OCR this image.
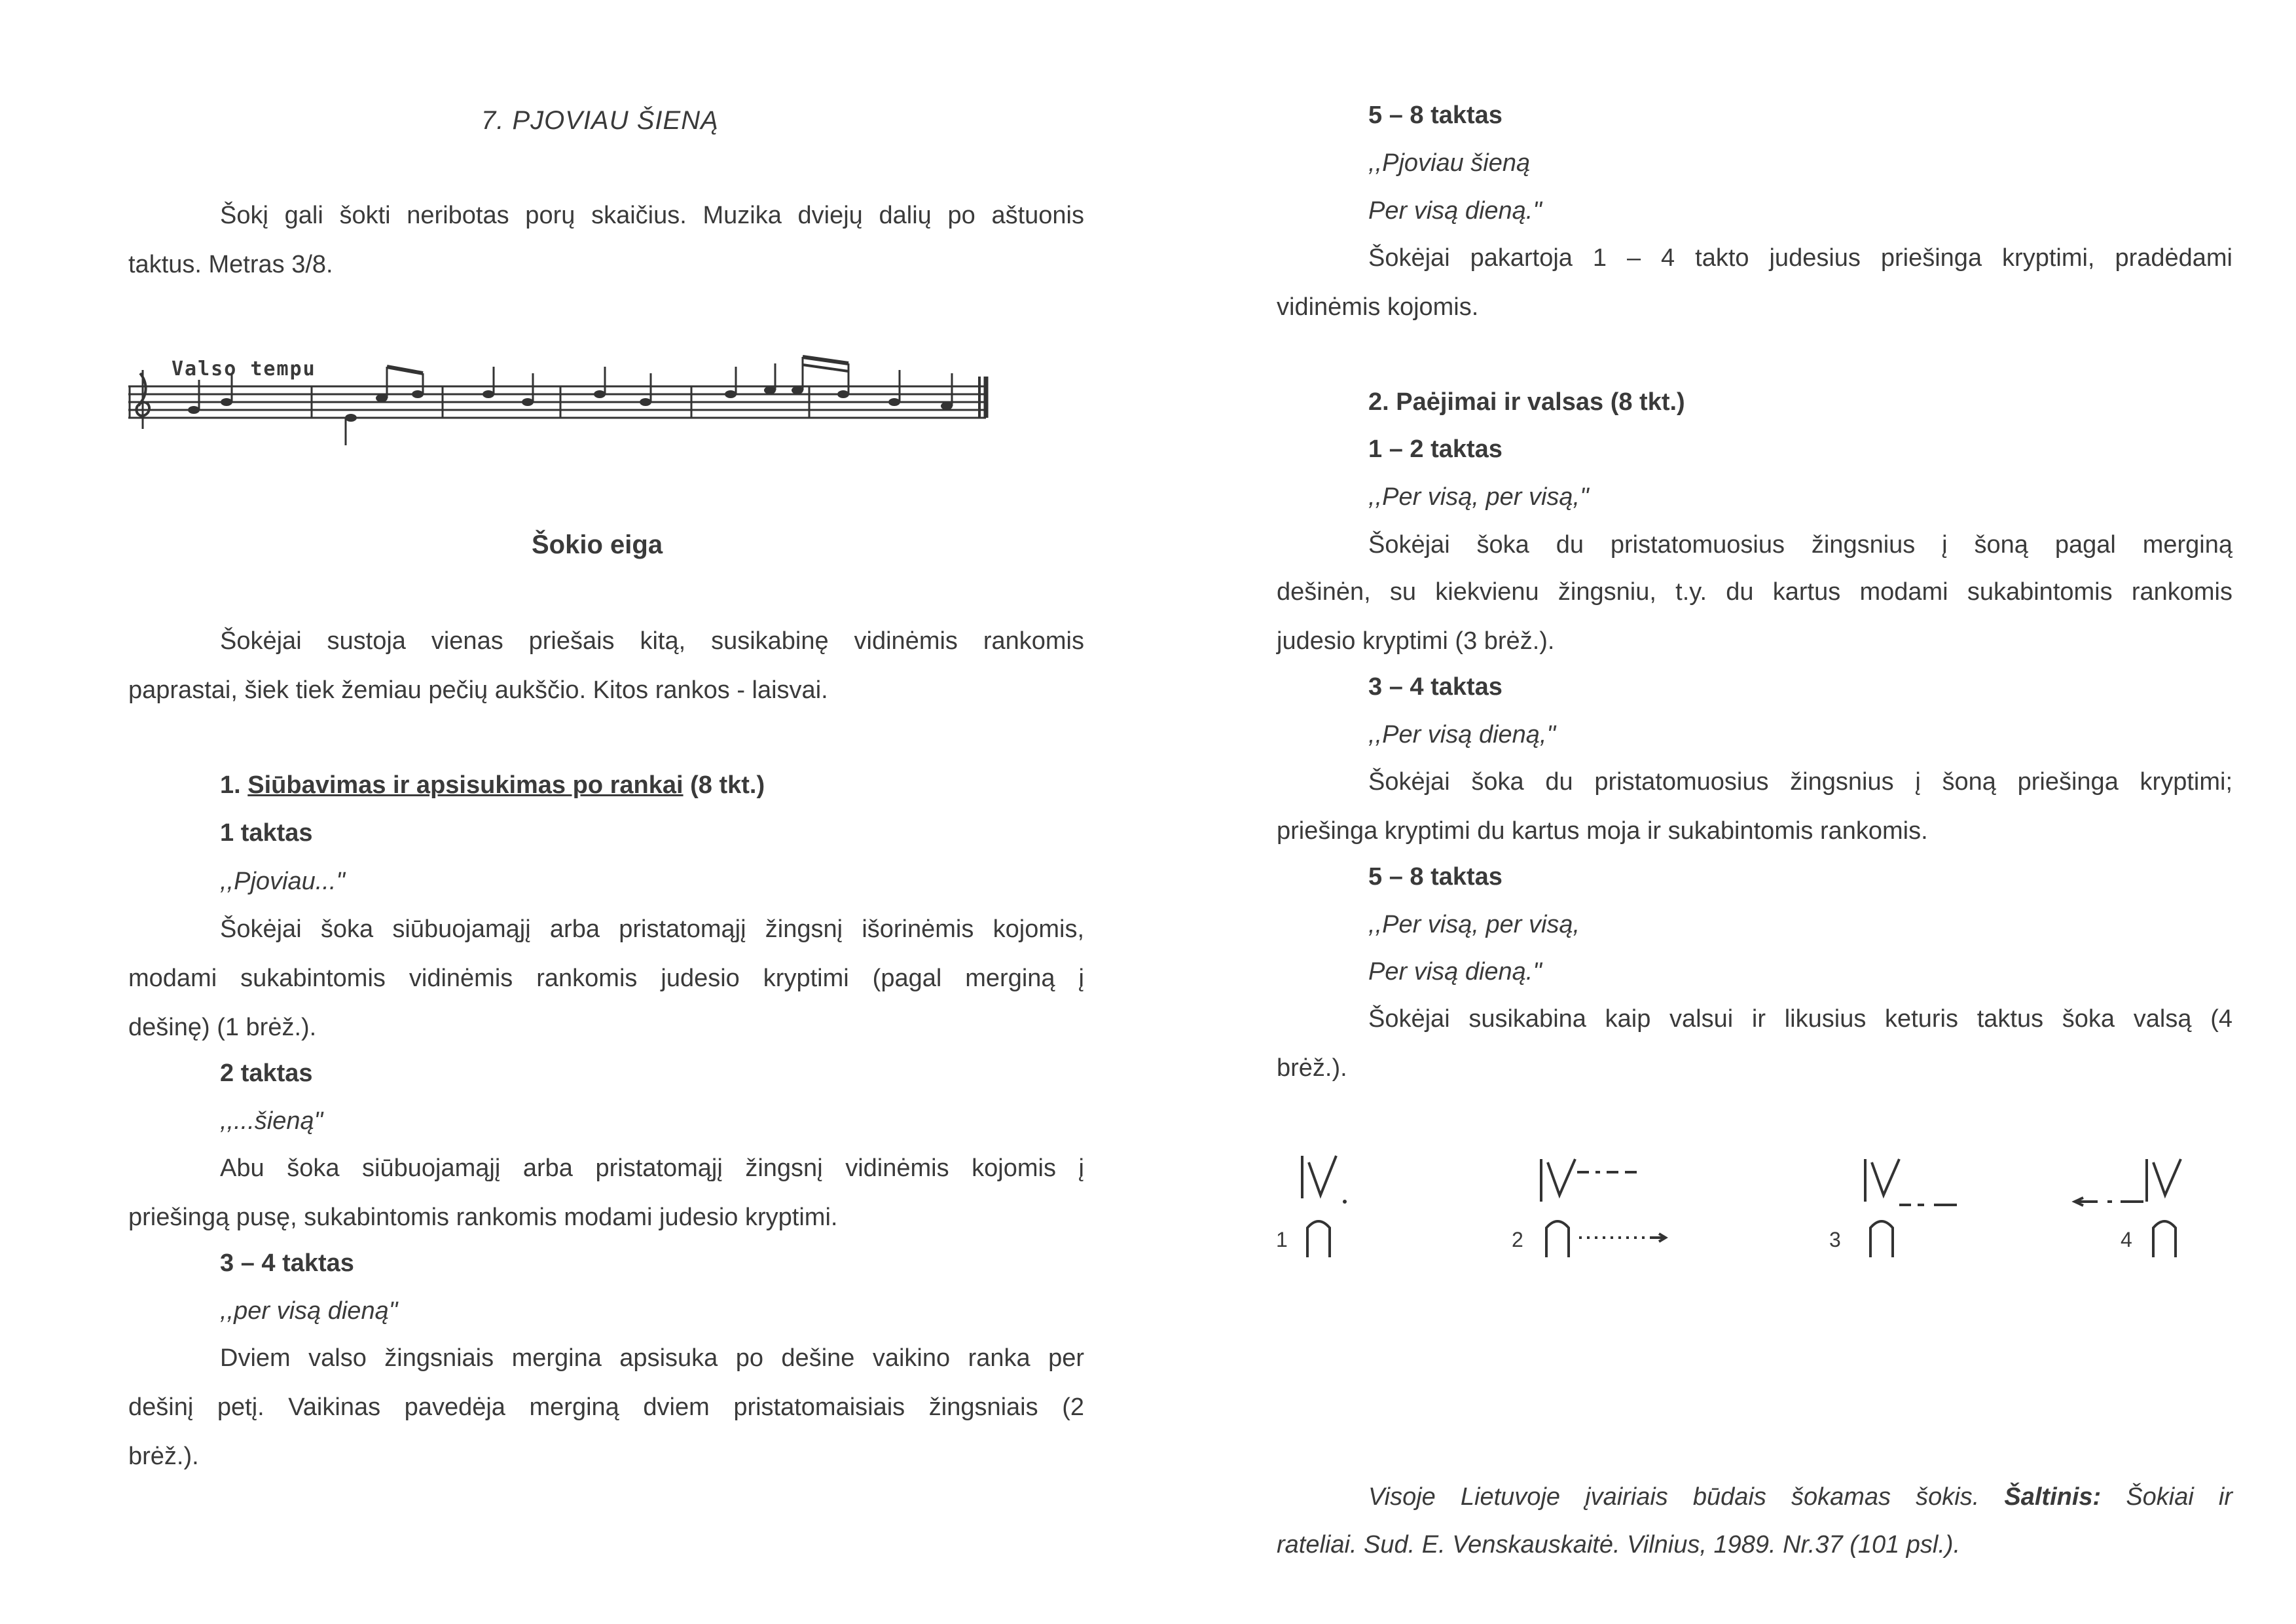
7. PJOVIAU ŠIENĄ
Šokį gali šokti neribotas porų skaičius. Muzika dviejų dalių po aštuonis
taktus. Metras 3/8.
Valso tempu
Šokio eiga
Šokėjai sustoja vienas priešais kitą, susikabinę vidinėmis rankomis
paprastai, šiek tiek žemiau pečių aukščio. Kitos rankos - laisvai.
1. Siūbavimas ir apsisukimas po rankai (8 tkt.)
1 taktas
,,Pjoviau..."
Šokėjai šoka siūbuojamąjį arba pristatomąjį žingsnį išorinėmis kojomis,
modami sukabintomis vidinėmis rankomis judesio kryptimi (pagal merginą į
dešinę) (1 brėž.).
2 taktas
,,...šieną"
Abu šoka siūbuojamąjį arba pristatomąjį žingsnį vidinėmis kojomis į
priešingą pusę, sukabintomis rankomis modami judesio kryptimi.
3 – 4 taktas
,,per visą dieną"
Dviem valso žingsniais mergina apsisuka po dešine vaikino ranka per
dešinį petį. Vaikinas pavedėja merginą dviem pristatomaisiais žingsniais (2
brėž.).
5 – 8 taktas
,,Pjoviau šieną
Per visą dieną."
Šokėjai pakartoja 1 – 4 takto judesius priešinga kryptimi, pradėdami
vidinėmis kojomis.
2. Paėjimai ir valsas (8 tkt.)
1 – 2 taktas
,,Per visą, per visą,"
Šokėjai šoka du pristatomuosius žingsnius į šoną pagal merginą
dešinėn, su kiekvienu žingsniu, t.y. du kartus modami sukabintomis rankomis
judesio kryptimi (3 brėž.).
3 – 4 taktas
,,Per visą dieną,"
Šokėjai šoka du pristatomuosius žingsnius į šoną priešinga kryptimi;
priešinga kryptimi du kartus moja ir sukabintomis rankomis.
5 – 8 taktas
,,Per visą, per visą,
Per visą dieną."
Šokėjai susikabina kaip valsui ir likusius keturis taktus šoka valsą (4
brėž.).
1	2	3	4
Visoje Lietuvoje įvairiais būdais šokamas šokis. Šaltinis: Šokiai ir
rateliai. Sud. E. Venskauskaitė. Vilnius, 1989. Nr.37 (101 psl.).
